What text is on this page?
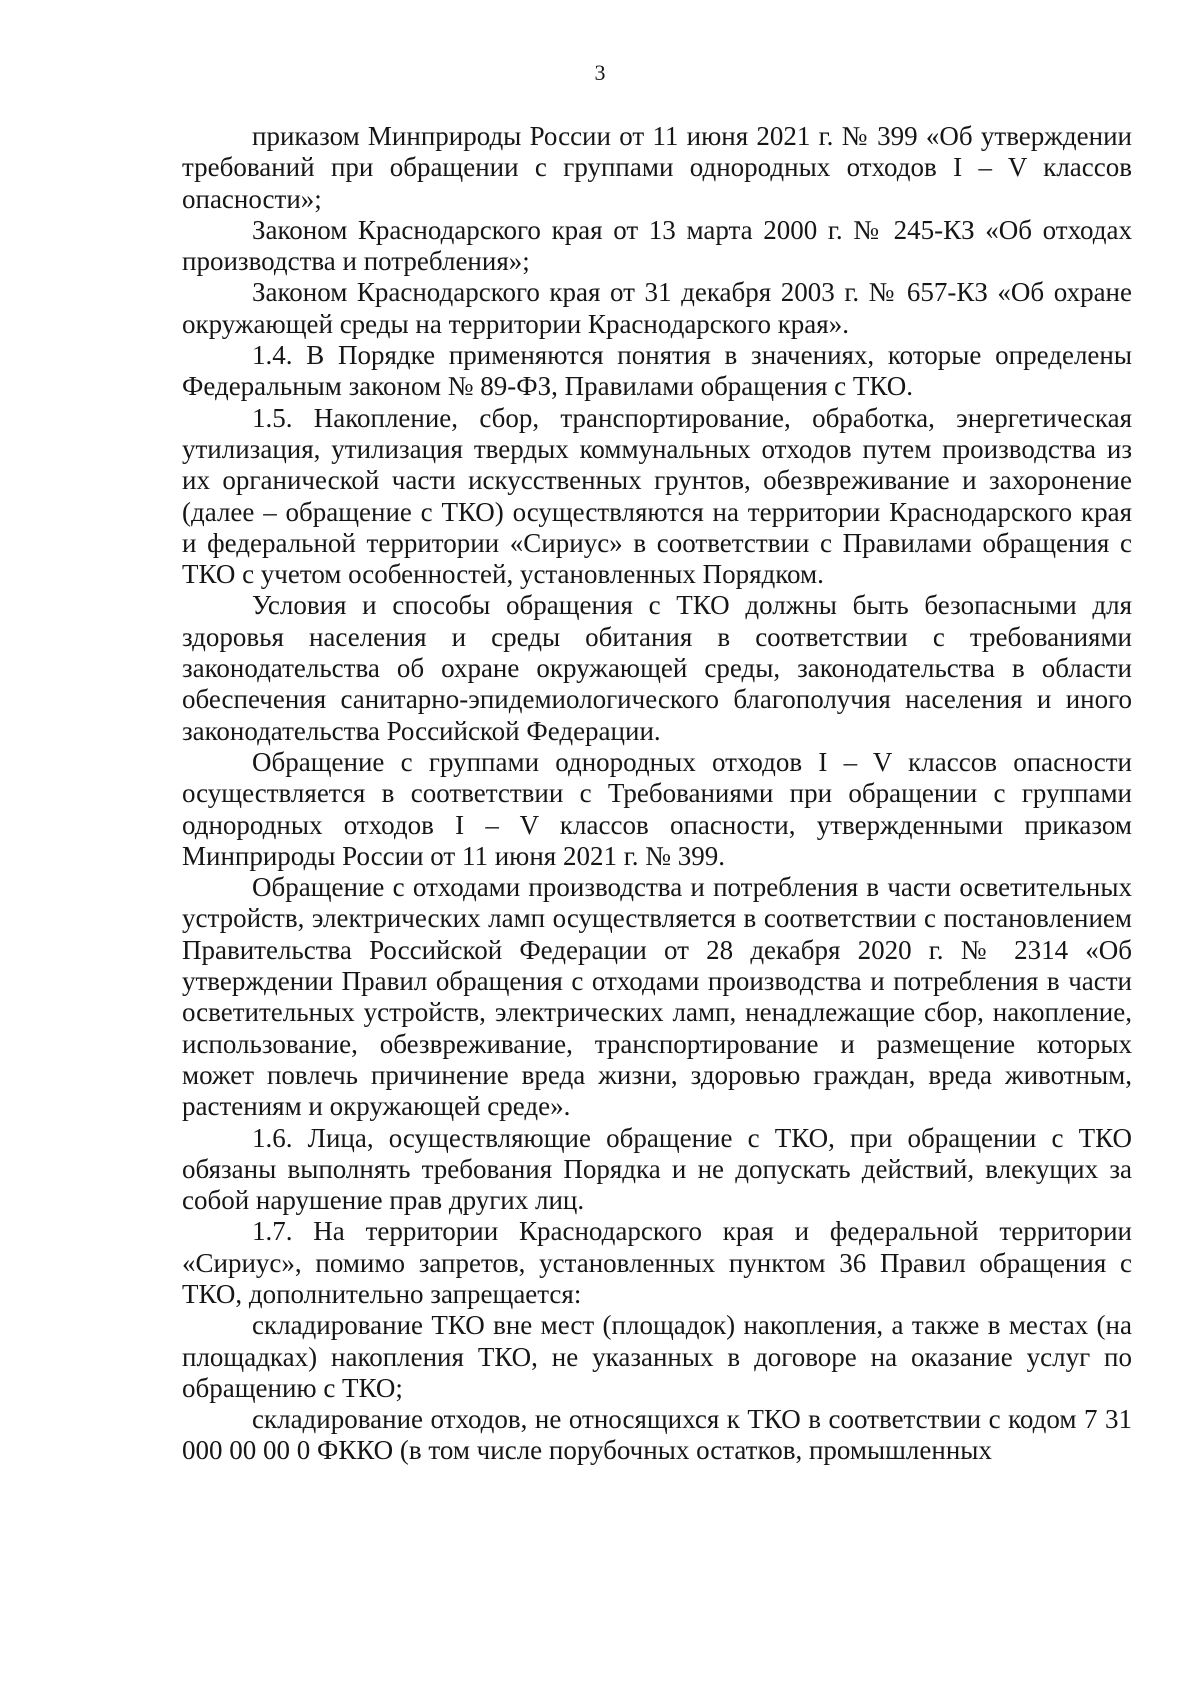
3

приказом Минприроды России от 11 июня 2021 г. № 399 «Об утверждении требований при обращении с группами однородных отходов I – V классов опасности»;

Законом Краснодарского края от 13 марта 2000 г. № 245-КЗ «Об отходах производства и потребления»;

Законом Краснодарского края от 31 декабря 2003 г. № 657-КЗ «Об охране окружающей среды на территории Краснодарского края».

1.4. В Порядке применяются понятия в значениях, которые определены Федеральным законом № 89-ФЗ, Правилами обращения с ТКО.

1.5. Накопление, сбор, транспортирование, обработка, энергетическая утилизация, утилизация твердых коммунальных отходов путем производства из их органической части искусственных грунтов, обезвреживание и захоронение (далее – обращение с ТКО) осуществляются на территории Краснодарского края и федеральной территории «Сириус» в соответствии с Правилами обращения с ТКО с учетом особенностей, установленных Порядком.

Условия и способы обращения с ТКО должны быть безопасными для здоровья населения и среды обитания в соответствии с требованиями законодательства об охране окружающей среды, законодательства в области обеспечения санитарно-эпидемиологического благополучия населения и иного законодательства Российской Федерации.

Обращение с группами однородных отходов I – V классов опасности осуществляется в соответствии с Требованиями при обращении с группами однородных отходов I – V классов опасности, утвержденными приказом Минприроды России от 11 июня 2021 г. № 399.

Обращение с отходами производства и потребления в части осветительных устройств, электрических ламп осуществляется в соответствии с постановлением Правительства Российской Федерации от 28 декабря 2020 г. № 2314 «Об утверждении Правил обращения с отходами производства и потребления в части осветительных устройств, электрических ламп, ненадлежащие сбор, накопление, использование, обезвреживание, транспортирование и размещение которых может повлечь причинение вреда жизни, здоровью граждан, вреда животным, растениям и окружающей среде».

1.6. Лица, осуществляющие обращение с ТКО, при обращении с ТКО обязаны выполнять требования Порядка и не допускать действий, влекущих за собой нарушение прав других лиц.

1.7. На территории Краснодарского края и федеральной территории «Сириус», помимо запретов, установленных пунктом 36 Правил обращения с ТКО, дополнительно запрещается:

складирование ТКО вне мест (площадок) накопления, а также в местах (на площадках) накопления ТКО, не указанных в договоре на оказание услуг по обращению с ТКО;

складирование отходов, не относящихся к ТКО в соответствии с кодом 7 31 000 00 00 0 ФККО (в том числе порубочных остатков, промышленных
